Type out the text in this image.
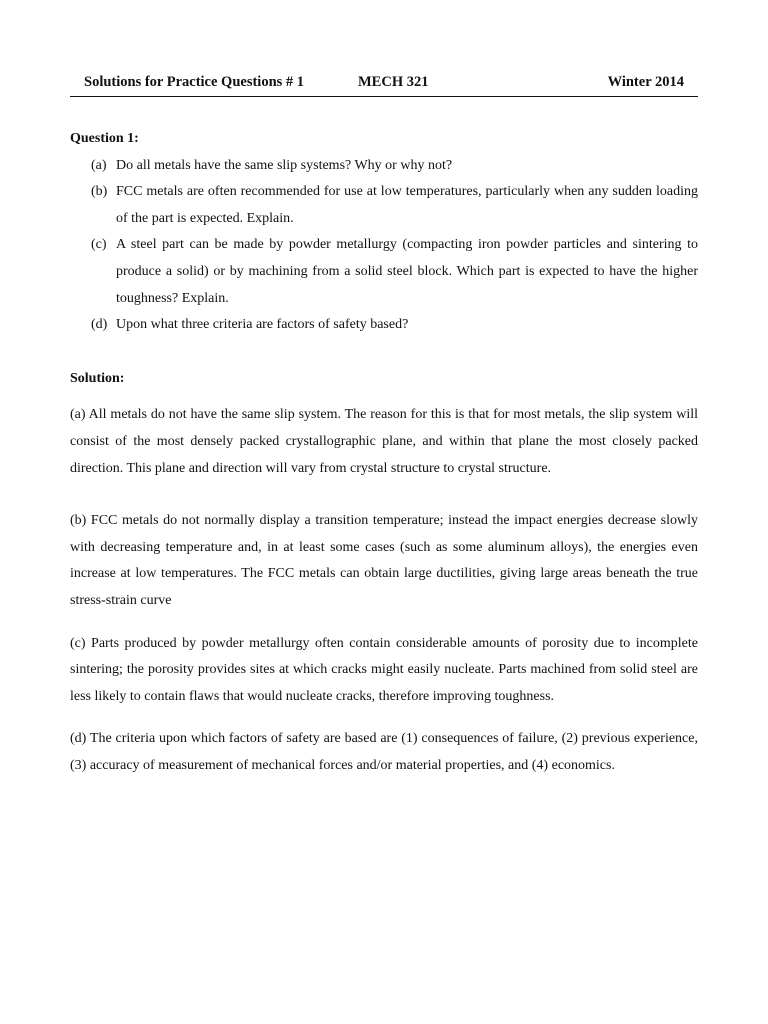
Solutions for Practice Questions # 1	MECH 321	Winter 2014

Question 1:

(a) Do all metals have the same slip systems? Why or why not?
(b) FCC metals are often recommended for use at low temperatures, particularly when any sudden loading of the part is expected. Explain.
(c) A steel part can be made by powder metallurgy (compacting iron powder particles and sintering to produce a solid) or by machining from a solid steel block. Which part is expected to have the higher toughness? Explain.
(d) Upon what three criteria are factors of safety based?

Solution:

(a) All metals do not have the same slip system. The reason for this is that for most metals, the slip system will consist of the most densely packed crystallographic plane, and within that plane the most closely packed direction. This plane and direction will vary from crystal structure to crystal structure.

(b) FCC metals do not normally display a transition temperature; instead the impact energies decrease slowly with decreasing temperature and, in at least some cases (such as some aluminum alloys), the energies even increase at low temperatures. The FCC metals can obtain large ductilities, giving large areas beneath the true stress-strain curve

(c) Parts produced by powder metallurgy often contain considerable amounts of porosity due to incomplete sintering; the porosity provides sites at which cracks might easily nucleate. Parts machined from solid steel are less likely to contain flaws that would nucleate cracks, therefore improving toughness.

(d) The criteria upon which factors of safety are based are (1) consequences of failure, (2) previous experience, (3) accuracy of measurement of mechanical forces and/or material properties, and (4) economics.
